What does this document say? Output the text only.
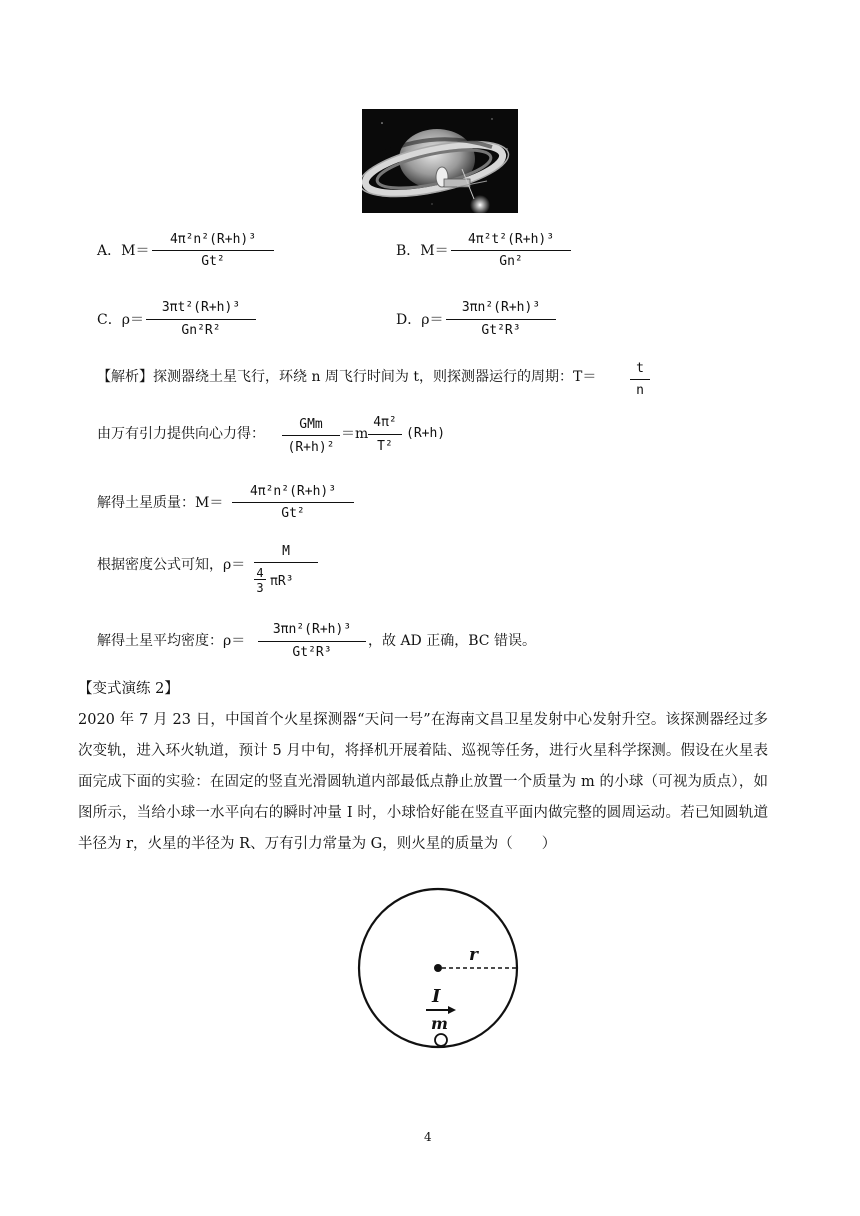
A．M＝
4π²n²(R+h)³
Gt²
B．M＝
4π²t²(R+h)³
Gn²
C．ρ＝
3πt²(R+h)³
Gn²R²
D．ρ＝
3πn²(R+h)³
Gt²R³
【解析】探测器绕土星飞行，环绕 n 周飞行时间为 t，则探测器运行的周期：T＝
t
n
由万有引力提供向心力得：
GMm
(R+h)²
＝m
4π²
T²
(R+h)
解得土星质量：M＝
4π²n²(R+h)³
Gt²
根据密度公式可知，ρ＝
M
4
3 πR³
解得土星平均密度：ρ＝
3πn²(R+h)³
Gt²R³
，故 AD 正确，BC 错误。
【变式演练 2】
2020 年 7 月 23 日，中国首个火星探测器“天问一号”在海南文昌卫星发射中心发射升空。该探测器经过多次变轨，进入环火轨道，预计 5 月中旬，将择机开展着陆、巡视等任务，进行火星科学探测。假设在火星表面完成下面的实验：在固定的竖直光滑圆轨道内部最低点静止放置一个质量为 m 的小球（可视为质点），如图所示，当给小球一水平向右的瞬时冲量 I 时，小球恰好能在竖直平面内做完整的圆周运动。若已知圆轨道半径为 r，火星的半径为 R、万有引力常量为 G，则火星的质量为（　　）
r
I
m
4
